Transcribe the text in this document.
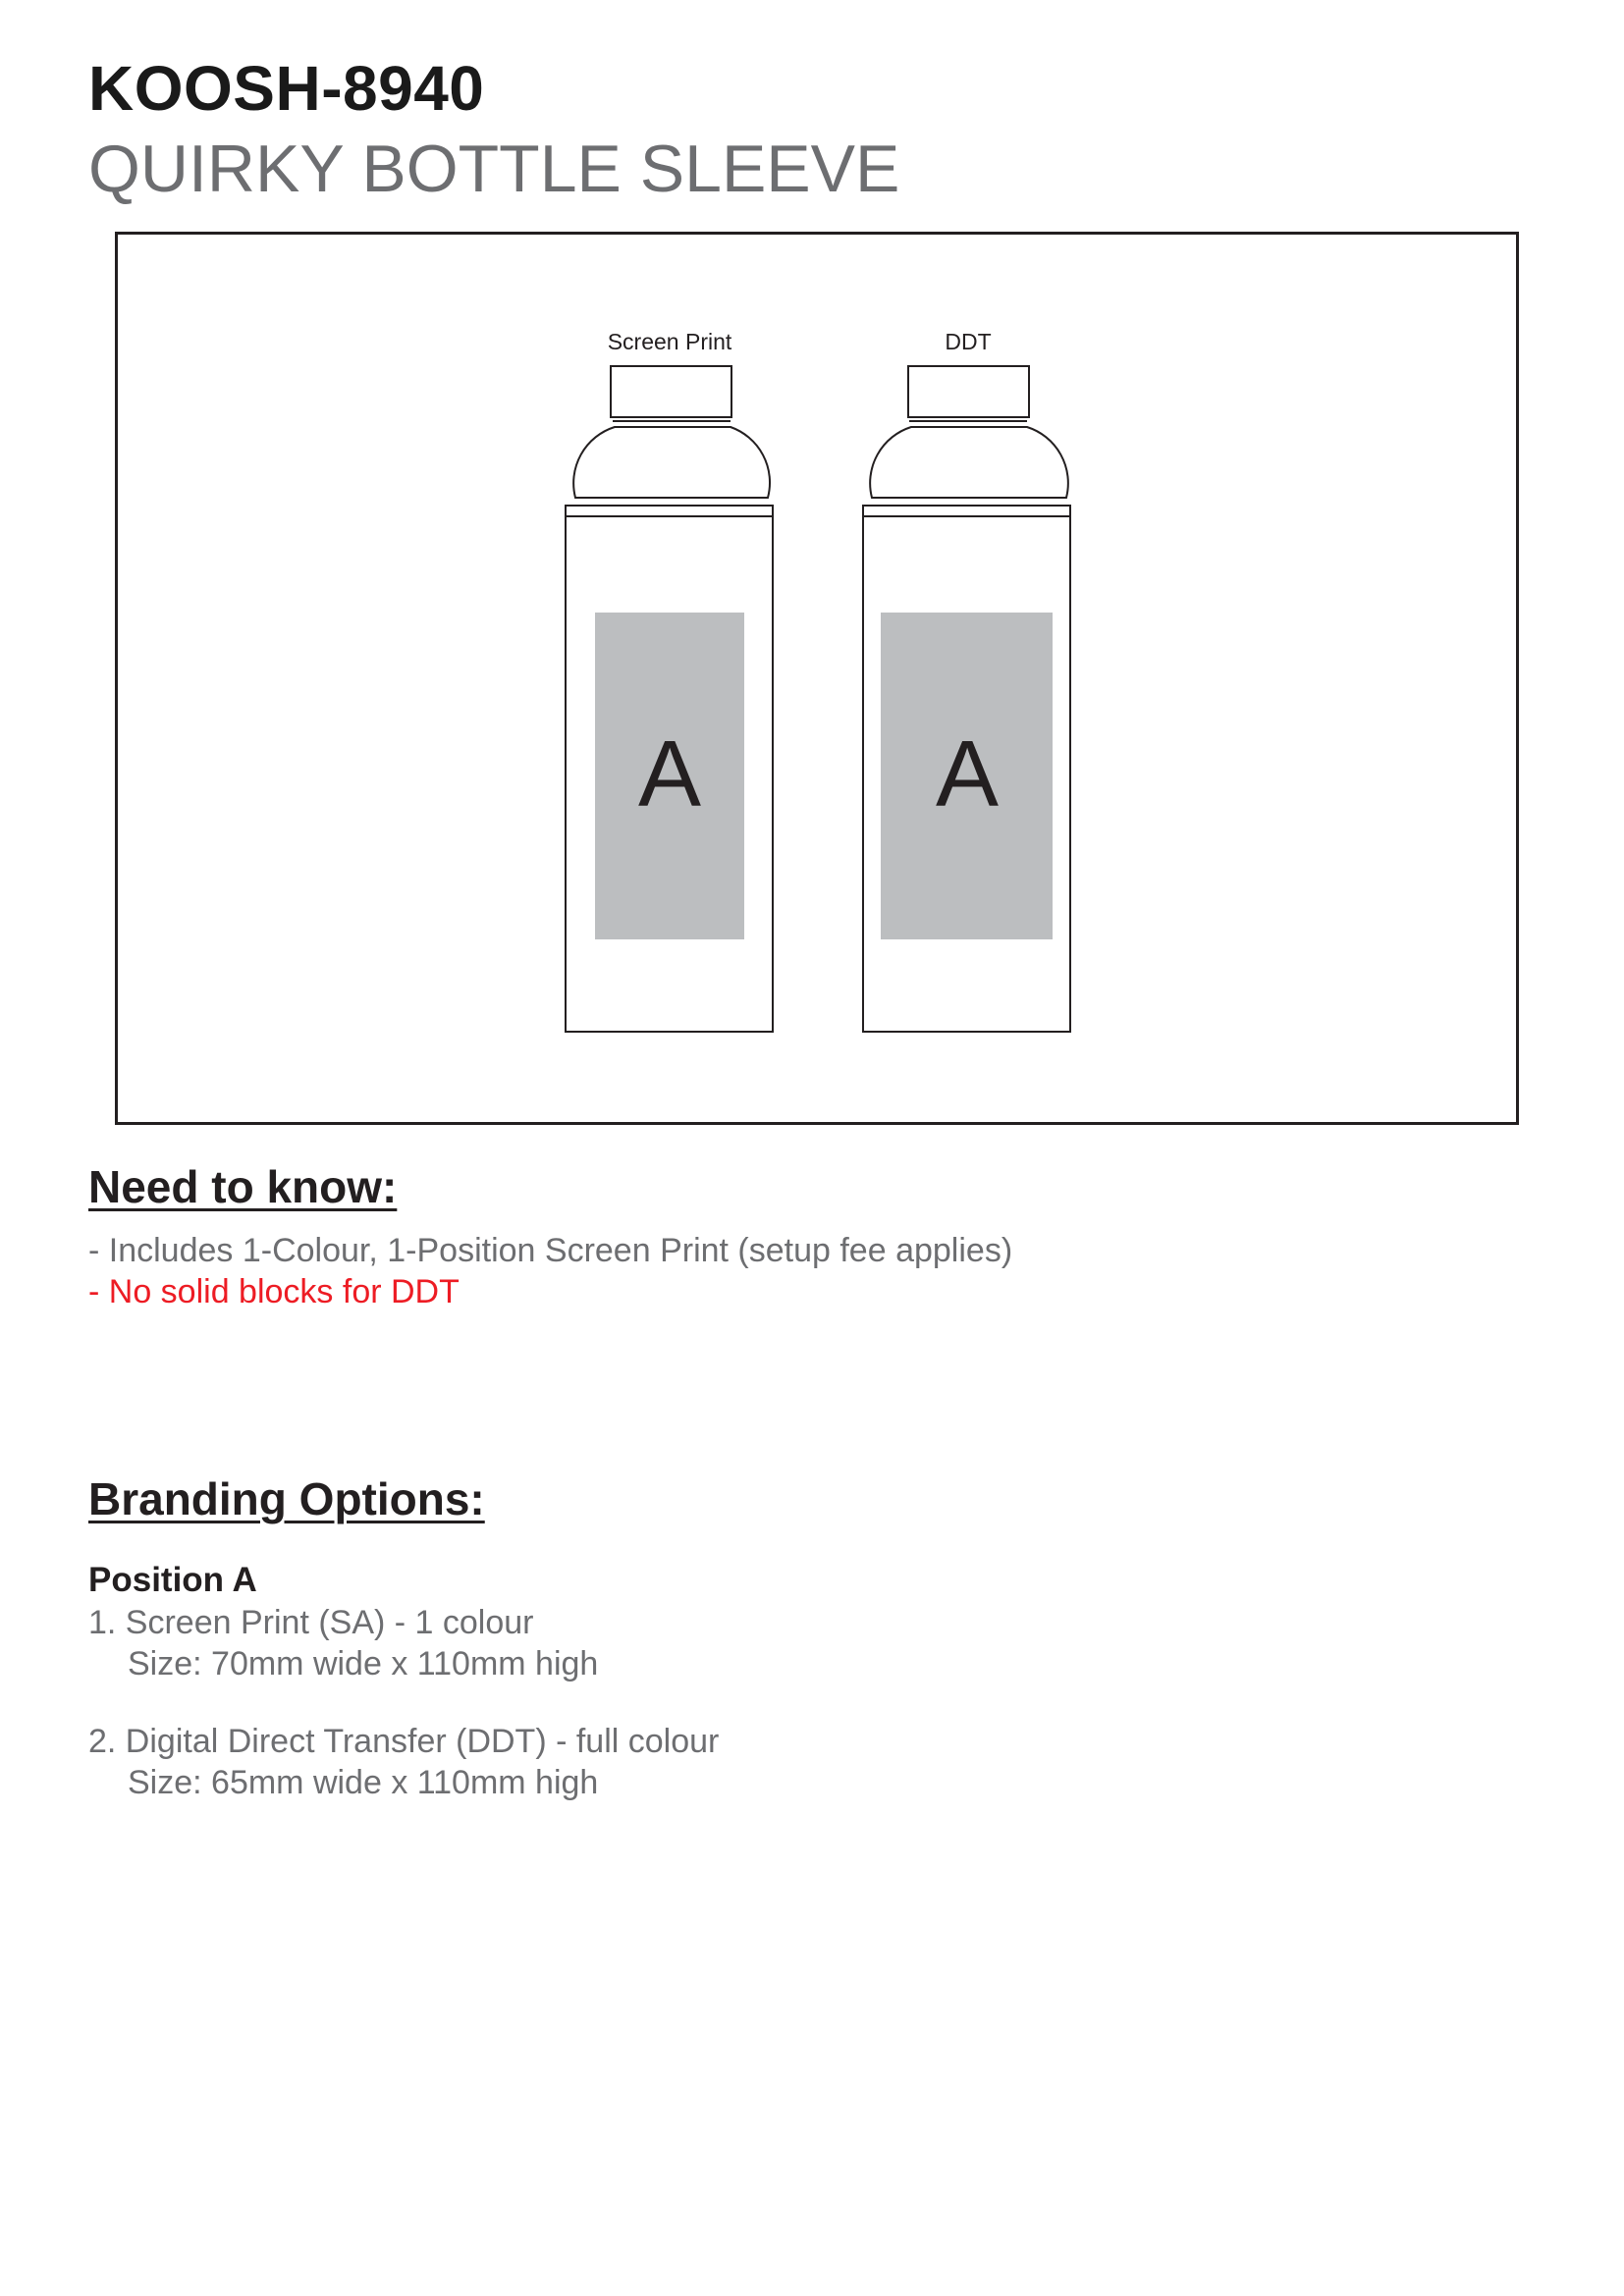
KOOSH-8940
QUIRKY BOTTLE SLEEVE
A
Screen Print
A
DDT
Need to know:
- Includes 1-Colour, 1-Position Screen Print (setup fee applies)
- No solid blocks for DDT
Branding Options:
Position A
1. Screen Print (SA) - 1 colour
Size: 70mm wide x 110mm high
2. Digital Direct Transfer (DDT) - full colour
Size: 65mm wide x 110mm high
